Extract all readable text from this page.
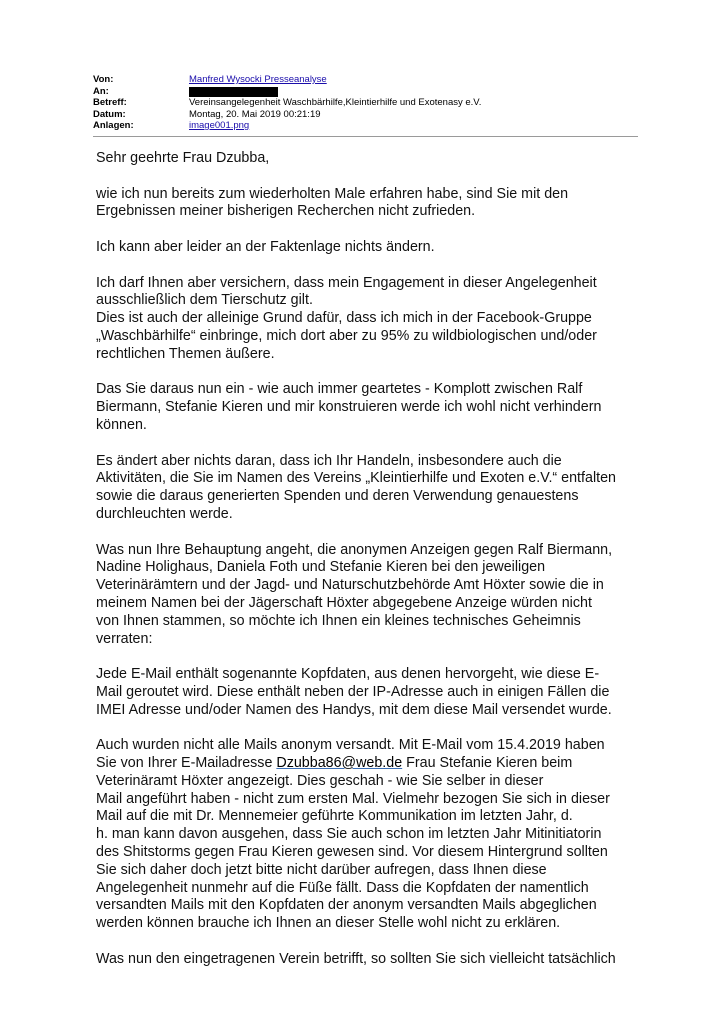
Von:	Manfred Wysocki Presseanalyse
An:
Betreff:	Vereinsangelegenheit Waschbärhilfe,Kleintierhilfe und Exotenasy e.V.
Datum:	Montag, 20. Mai 2019 00:21:19
Anlagen:	image001.png

Sehr geehrte Frau Dzubba,

wie ich nun bereits zum wiederholten Male erfahren habe, sind Sie mit den
Ergebnissen meiner bisherigen Recherchen nicht zufrieden.

Ich kann aber leider an der Faktenlage nichts ändern.

Ich darf Ihnen aber versichern, dass mein Engagement in dieser Angelegenheit
ausschließlich dem Tierschutz gilt.
Dies ist auch der alleinige Grund dafür, dass ich mich in der Facebook-Gruppe
„Waschbärhilfe“ einbringe, mich dort aber zu 95% zu wildbiologischen und/oder
rechtlichen Themen äußere.

Das Sie daraus nun ein - wie auch immer geartetes - Komplott zwischen Ralf
Biermann, Stefanie Kieren und mir konstruieren werde ich wohl nicht verhindern
können.

Es ändert aber nichts daran, dass ich Ihr Handeln, insbesondere auch die
Aktivitäten, die Sie im Namen des Vereins „Kleintierhilfe und Exoten e.V.“ entfalten
sowie die daraus generierten Spenden und deren Verwendung genauestens
durchleuchten werde.

Was nun Ihre Behauptung angeht, die anonymen Anzeigen gegen Ralf Biermann,
Nadine Holighaus, Daniela Foth und Stefanie Kieren bei den jeweiligen
Veterinärämtern und der Jagd- und Naturschutzbehörde Amt Höxter sowie die in
meinem Namen bei der Jägerschaft Höxter abgegebene Anzeige würden nicht
von Ihnen stammen, so möchte ich Ihnen ein kleines technisches Geheimnis
verraten:

Jede E-Mail enthält sogenannte Kopfdaten, aus denen hervorgeht, wie diese E-
Mail geroutet wird. Diese enthält neben der IP-Adresse auch in einigen Fällen die
IMEI Adresse und/oder Namen des Handys, mit dem diese Mail versendet wurde.

Auch wurden nicht alle Mails anonym versandt. Mit E-Mail vom 15.4.2019 haben
Sie von Ihrer E-Mailadresse Dzubba86@web.de Frau Stefanie Kieren beim
Veterinäramt Höxter angezeigt. Dies geschah - wie Sie selber in dieser
Mail angeführt haben - nicht zum ersten Mal. Vielmehr bezogen Sie sich in dieser
Mail auf die mit Dr. Mennemeier geführte Kommunikation im letzten Jahr, d.
h. man kann davon ausgehen, dass Sie auch schon im letzten Jahr Mitinitiatorin
des Shitstorms gegen Frau Kieren gewesen sind. Vor diesem Hintergrund sollten
Sie sich daher doch jetzt bitte nicht darüber aufregen, dass Ihnen diese
Angelegenheit nunmehr auf die Füße fällt. Dass die Kopfdaten der namentlich
versandten Mails mit den Kopfdaten der anonym versandten Mails abgeglichen
werden können brauche ich Ihnen an dieser Stelle wohl nicht zu erklären.

Was nun den eingetragenen Verein betrifft, so sollten Sie sich vielleicht tatsächlich
